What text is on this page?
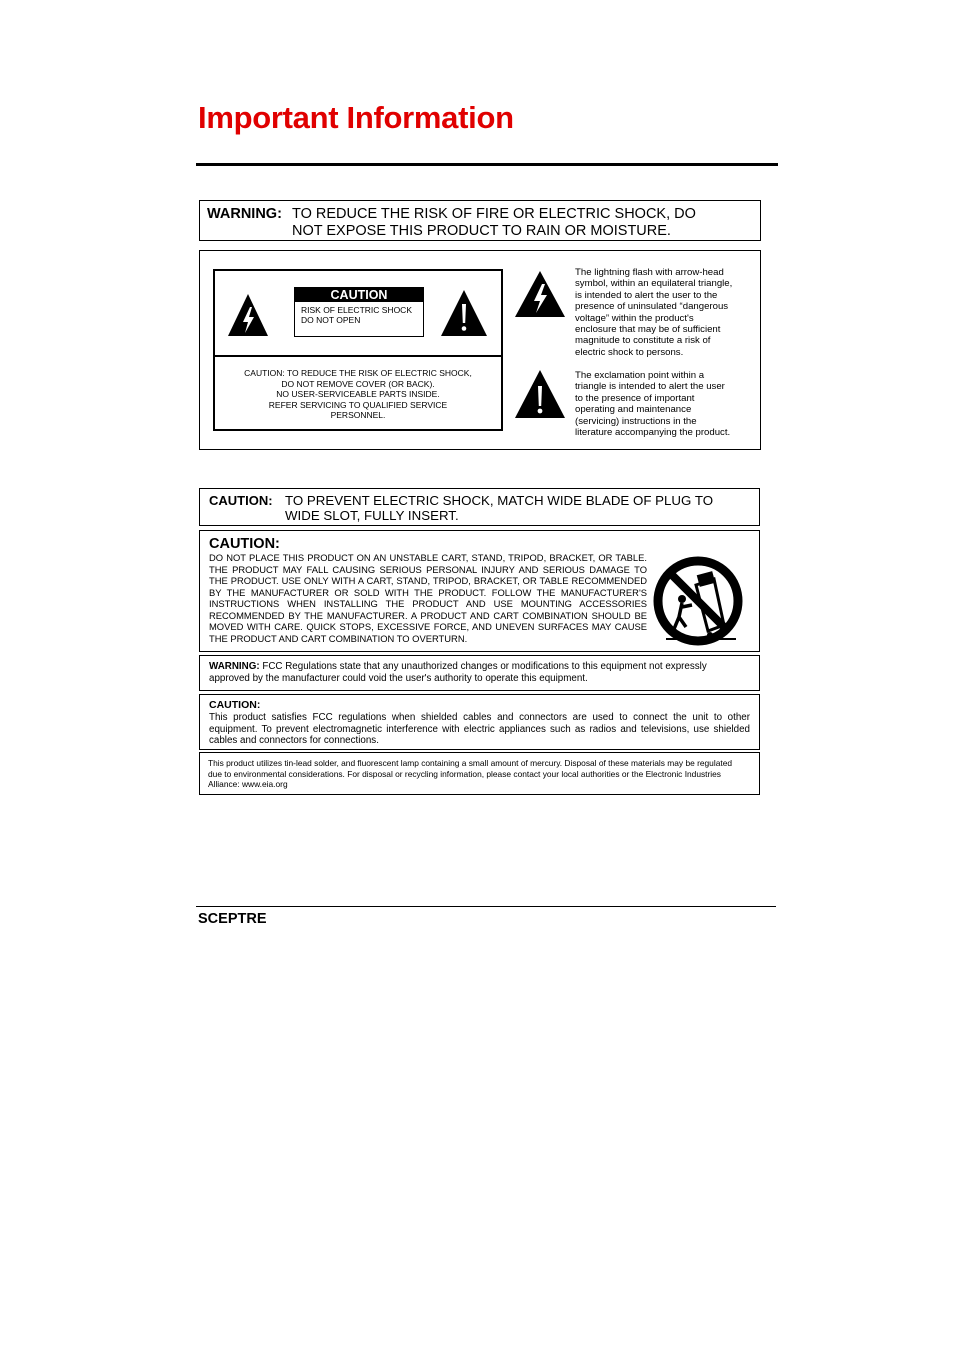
Important Information
WARNING: TO REDUCE THE RISK OF FIRE OR ELECTRIC SHOCK, DO
NOT EXPOSE THIS PRODUCT TO RAIN OR MOISTURE.
CAUTION
RISK OF ELECTRIC SHOCK
DO NOT OPEN
CAUTION: TO REDUCE THE RISK OF ELECTRIC SHOCK,
DO NOT REMOVE COVER (OR BACK).
NO USER-SERVICEABLE PARTS INSIDE.
REFER SERVICING TO QUALIFIED SERVICE
PERSONNEL.
The lightning flash with arrow-head
symbol, within an equilateral triangle,
is intended to alert the user to the
presence of uninsulated “dangerous
voltage” within the product's
enclosure that may be of sufficient
magnitude to constitute a risk of
electric shock to persons.
The exclamation point within a
triangle is intended to alert the user
to the presence of important
operating and maintenance
(servicing) instructions in the
literature accompanying the product.
CAUTION: TO PREVENT ELECTRIC SHOCK, MATCH WIDE BLADE OF PLUG TO
WIDE SLOT, FULLY INSERT.
CAUTION:
DO NOT PLACE THIS PRODUCT ON AN UNSTABLE CART, STAND, TRIPOD, BRACKET, OR TABLE. THE PRODUCT MAY FALL CAUSING SERIOUS PERSONAL INJURY AND SERIOUS DAMAGE TO THE PRODUCT. USE ONLY WITH A CART, STAND, TRIPOD, BRACKET, OR TABLE RECOMMENDED BY THE MANUFACTURER OR SOLD WITH THE PRODUCT. FOLLOW THE MANUFACTURER'S INSTRUCTIONS WHEN INSTALLING THE PRODUCT AND USE MOUNTING ACCESSORIES RECOMMENDED BY THE MANUFACTURER. A PRODUCT AND CART COMBINATION SHOULD BE MOVED WITH CARE. QUICK STOPS, EXCESSIVE FORCE, AND UNEVEN SURFACES MAY CAUSE THE PRODUCT AND CART COMBINATION TO OVERTURN.
WARNING: FCC Regulations state that any unauthorized changes or modifications to this equipment not expressly approved by the manufacturer could void the user's authority to operate this equipment.
CAUTION:
This product satisfies FCC regulations when shielded cables and connectors are used to connect the unit to other equipment. To prevent electromagnetic interference with electric appliances such as radios and televisions, use shielded cables and connectors for connections.
This product utilizes tin-lead solder, and fluorescent lamp containing a small amount of mercury. Disposal of these materials may be regulated due to environmental considerations. For disposal or recycling information, please contact your local authorities or the Electronic Industries Alliance: www.eia.org
SCEPTRE
